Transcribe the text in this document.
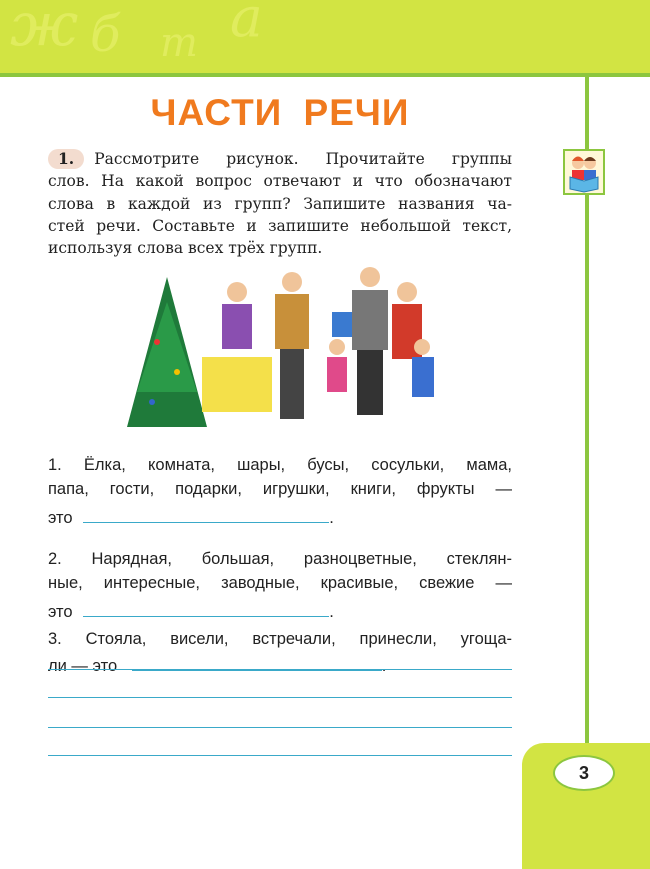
ж б m а
ЧАСТИ РЕЧИ
1. Рассмотрите рисунок. Прочитайте группы
слов. На какой вопрос отвечают и что обозначают
слова в каждой из групп? Запишите названия ча-
стей речи. Составьте и запишите небольшой текст,
используя слова всех трёх групп.
1. Ёлка, комната, шары, бусы, сосульки, мама,
папа, гости, подарки, игрушки, книги, фрукты —
это	.
2. Нарядная, большая, разноцветные, стеклян-
ные, интересные, заводные, красивые, свежие —
это	.
3. Стояла, висели, встречали, принесли, угоща-
ли — это	.
3
